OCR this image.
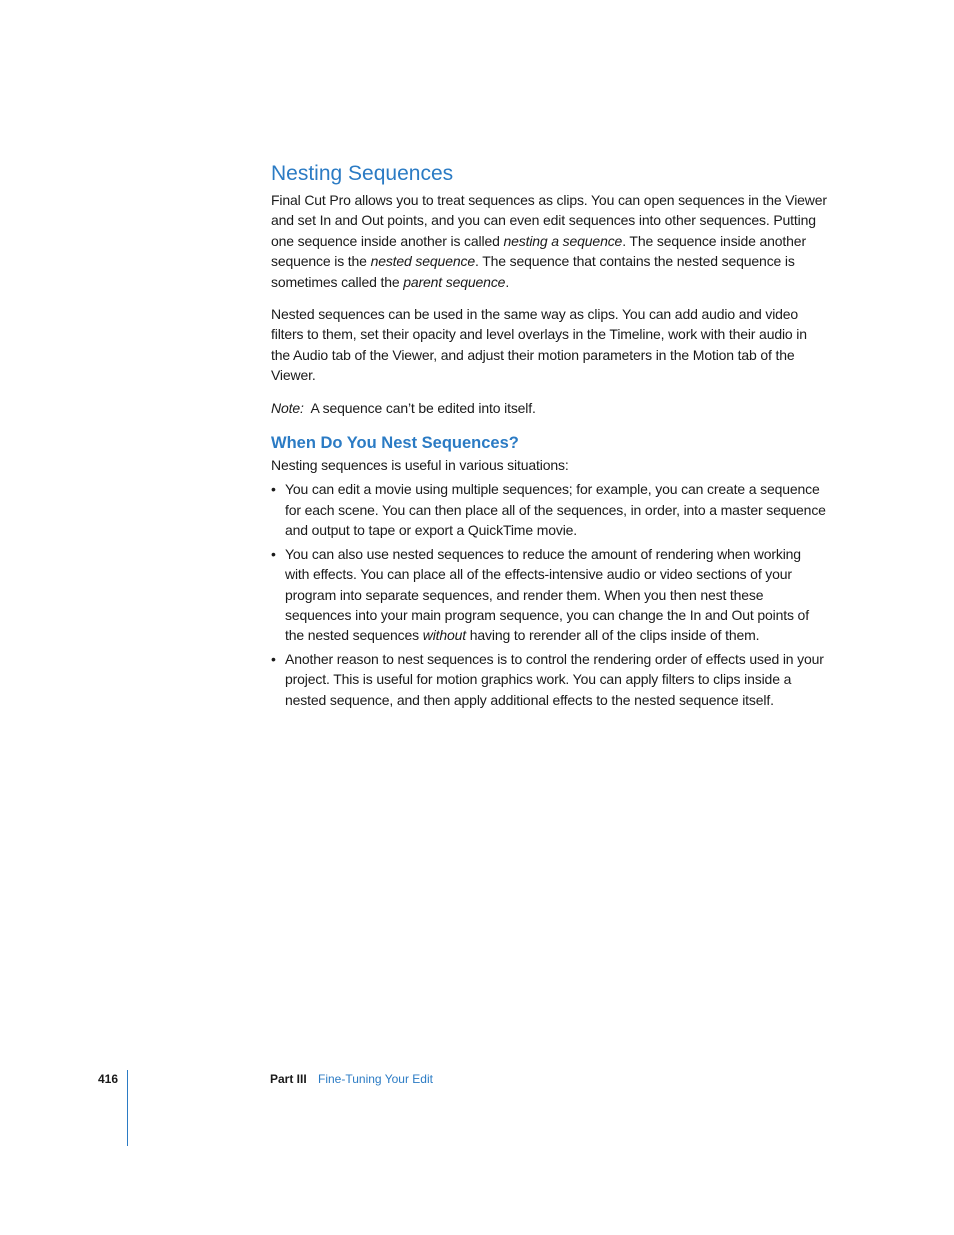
Nesting Sequences

Final Cut Pro allows you to treat sequences as clips. You can open sequences in the Viewer and set In and Out points, and you can even edit sequences into other sequences. Putting one sequence inside another is called nesting a sequence. The sequence inside another sequence is the nested sequence. The sequence that contains the nested sequence is sometimes called the parent sequence.

Nested sequences can be used in the same way as clips. You can add audio and video filters to them, set their opacity and level overlays in the Timeline, work with their audio in the Audio tab of the Viewer, and adjust their motion parameters in the Motion tab of the Viewer.

Note: A sequence can’t be edited into itself.

When Do You Nest Sequences?

Nesting sequences is useful in various situations:

• You can edit a movie using multiple sequences; for example, you can create a sequence for each scene. You can then place all of the sequences, in order, into a master sequence and output to tape or export a QuickTime movie.
• You can also use nested sequences to reduce the amount of rendering when working with effects. You can place all of the effects-intensive audio or video sections of your program into separate sequences, and render them. When you then nest these sequences into your main program sequence, you can change the In and Out points of the nested sequences without having to rerender all of the clips inside of them.
• Another reason to nest sequences is to control the rendering order of effects used in your project. This is useful for motion graphics work. You can apply filters to clips inside a nested sequence, and then apply additional effects to the nested sequence itself.
416	Part III Fine-Tuning Your Edit
